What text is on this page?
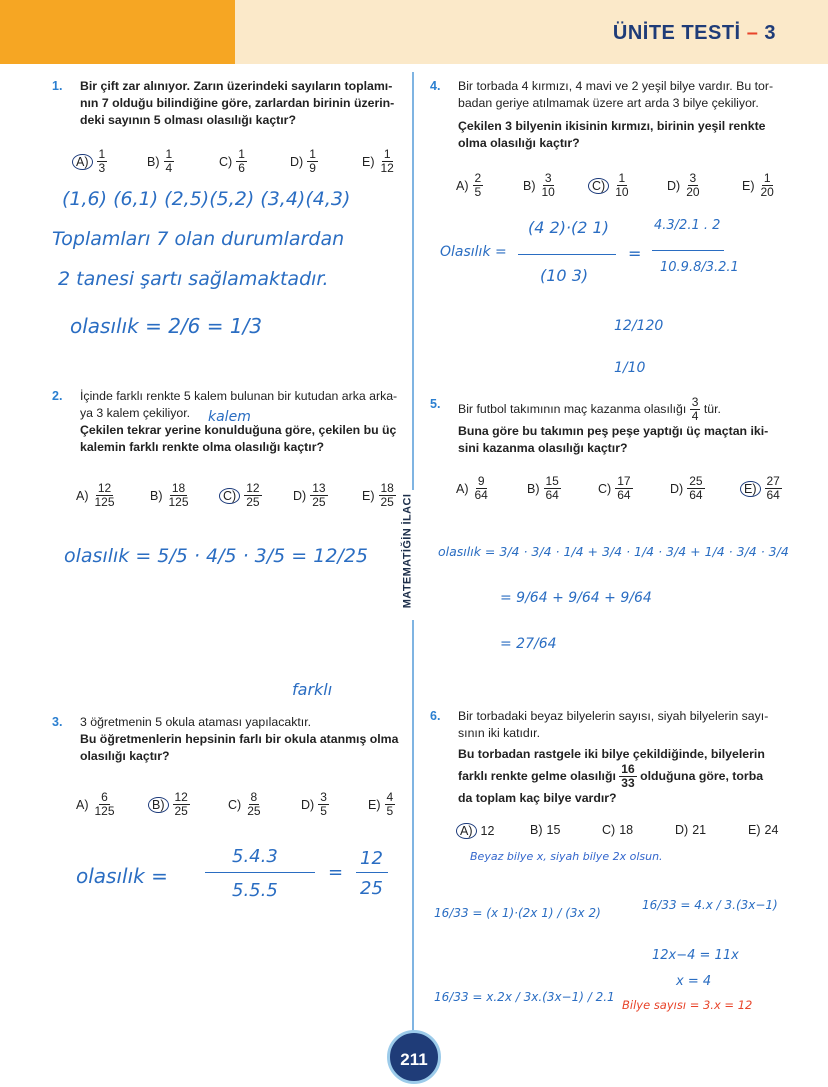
ÜNİTE TESTİ – 3
MATEMATİĞİN İLACI
1. Bir çift zar alınıyor. Zarın üzerindeki sayıların toplamı-nın 7 olduğu bilindiğine göre, zarlardan birinin üzerin-deki sayının 5 olması olasılığı kaçtır?
$A) \frac{1}{3}$	$B) \frac{1}{4}$	$C) \frac{1}{6}$	$D) \frac{1}{9}$	$E) \frac{1}{12}$
(1,6) (6,1) (2,5)(5,2) (3,4)(4,3)
Toplamları 7 olan durumlardan
2 tanesi şartı sağlamaktadır.
olasılık = 2/6 = 1/3
2. İçinde farklı renkte 5 kalem bulunan bir kutudan arka arka-ya 3 kalem çekiliyor.
Çekilen tekrar yerine konulduğuna göre, çekilen bu üç kalemin farklı renkte olma olasılığı kaçtır?
kalem
$A) \frac{12}{125}$	$B) \frac{18}{125}$	$C) \frac{12}{25}$	$D) \frac{13}{25}$	$E) \frac{18}{25}$
olasılık = 5/5 · 4/5 · 3/5 = 12/25
farklı
3. 3 öğretmenin 5 okula ataması yapılacaktır.
Bu öğretmenlerin hepsinin farlı bir okula atanmış olma olasılığı kaçtır?
$A) \frac{6}{125}$	$B) \frac{12}{25}$	$C) \frac{8}{25}$	$D) \frac{3}{5}$	$E) \frac{4}{5}$
olasılık =
5.4.3
5.5.5
=
12
25
4. Bir torbada 4 kırmızı, 4 mavi ve 2 yeşil bilye vardır. Bu tor-badan geriye atılmamak üzere art arda 3 bilye çekiliyor.
Çekilen 3 bilyenin ikisinin kırmızı, birinin yeşil renkte olma olasılığı kaçtır?
$A) \frac{2}{5}$	$B) \frac{3}{10}$	$C) \frac{1}{10}$	$D) \frac{3}{20}$	$E) \frac{1}{20}$
Olasılık =
(4 2)·(2 1)
(10 3)
=
4.3/2.1 . 2
10.9.8/3.2.1
12/120
1/10
5. Bir futbol takımının maç kazanma olasılığı $\frac{3}{4}$ tür.
Buna göre bu takımın peş peşe yaptığı üç maçtan iki-sini kazanma olasılığı kaçtır?
$A) \frac{9}{64}$	$B) \frac{15}{64}$	$C) \frac{17}{64}$	$D) \frac{25}{64}$	$E) \frac{27}{64}$
olasılık = 3/4 · 3/4 · 1/4 + 3/4 · 1/4 · 3/4 + 1/4 · 3/4 · 3/4
= 9/64 + 9/64 + 9/64
= 27/64
6. Bir torbadaki beyaz bilyelerin sayısı, siyah bilyelerin sayı-sının iki katıdır.
Bu torbadan rastgele iki bilye çekildiğinde, bilyelerin farklı renkte gelme olasılığı $\frac{16}{33}$ olduğuna göre, torba da toplam kaç bilye vardır?
A) 12	B) 15	C) 18	D) 21	E) 24
Beyaz bilye x, siyah bilye 2x olsun.
16/33 = (x 1)·(2x 1) / (3x 2)
16/33 = x.2x / 3x.(3x−1) / 2.1
16/33 = 4.x / 3.(3x−1)
12x−4 = 11x
x = 4
Bilye sayısı = 3.x = 12
211
